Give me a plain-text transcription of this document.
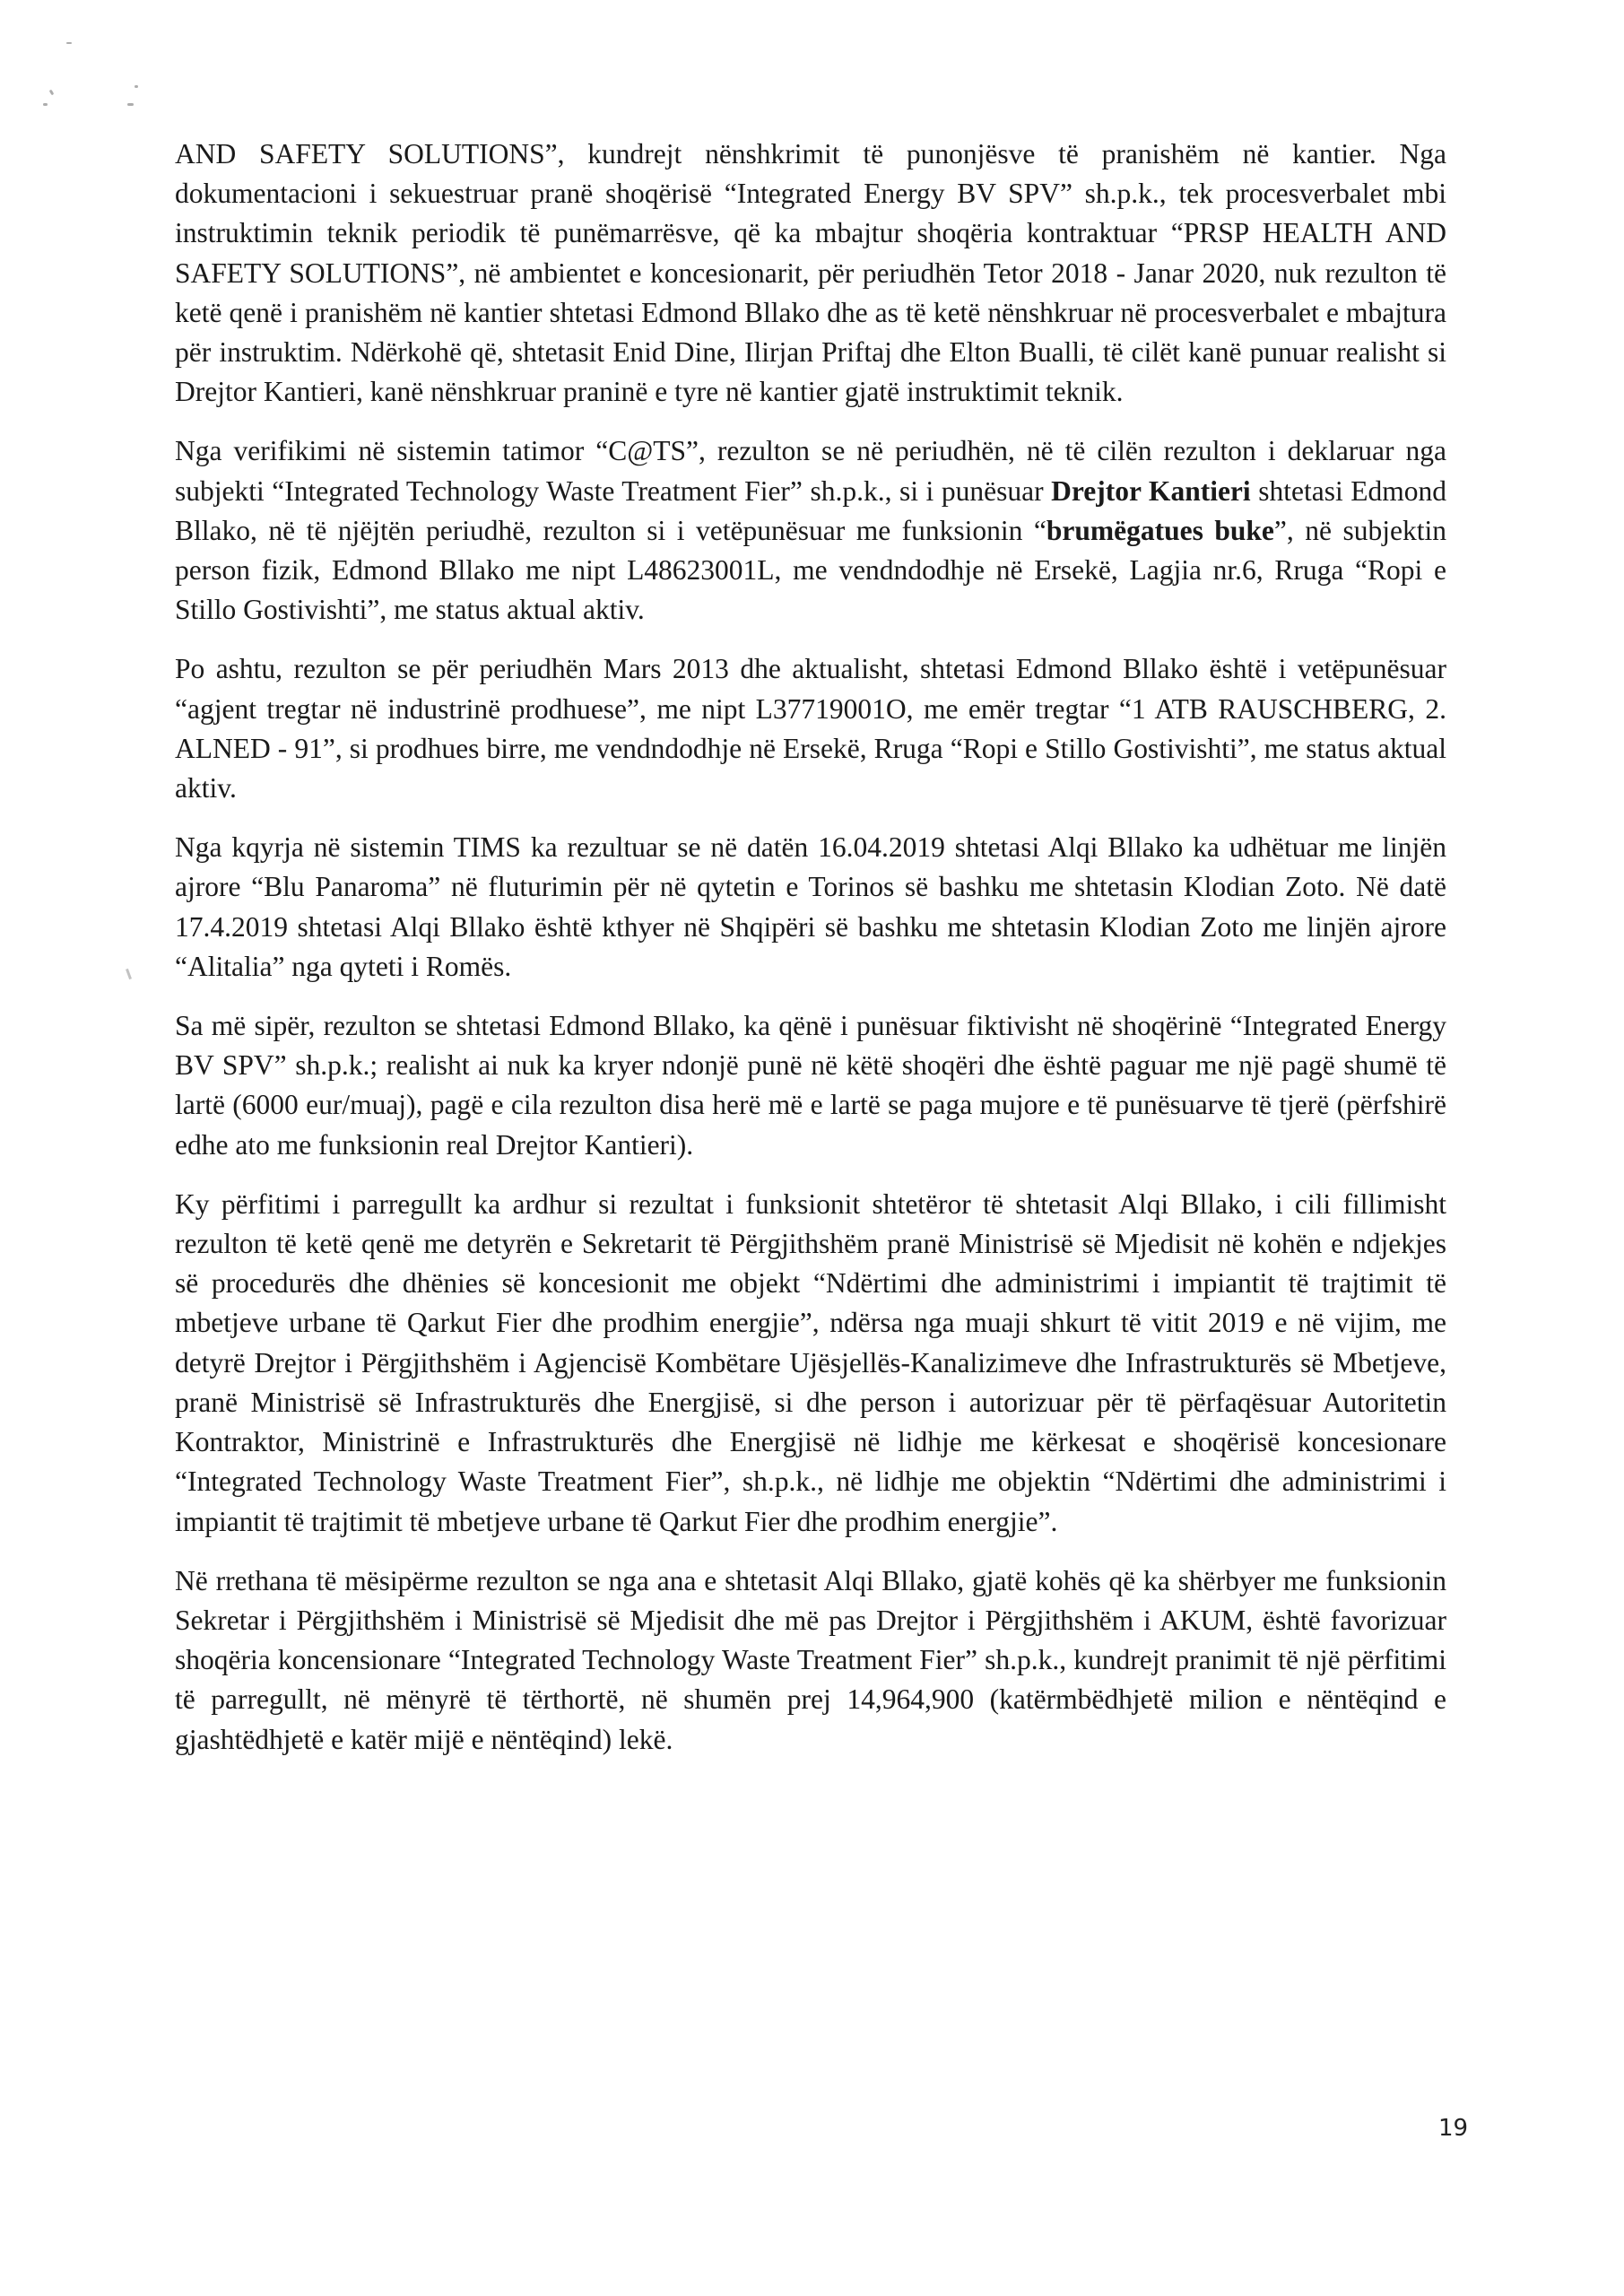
AND SAFETY SOLUTIONS”, kundrejt nënshkrimit të punonjësve të pranishëm në kantier. Nga dokumentacioni i sekuestruar pranë shoqërisë “Integrated Energy BV SPV” sh.p.k., tek procesverbalet mbi instruktimin teknik periodik të punëmarrësve, që ka mbajtur shoqëria kontraktuar “PRSP HEALTH AND SAFETY SOLUTIONS”, në ambientet e koncesionarit, për periudhën Tetor 2018 - Janar 2020, nuk rezulton të ketë qenë i pranishëm në kantier shtetasi Edmond Bllako dhe as të ketë nënshkruar në procesverbalet e mbajtura për instruktim. Ndërkohë që, shtetasit Enid Dine, Ilirjan Priftaj dhe Elton Bualli, të cilët kanë punuar realisht si Drejtor Kantieri, kanë nënshkruar praninë e tyre në kantier gjatë instruktimit teknik.

Nga verifikimi në sistemin tatimor “C@TS”, rezulton se në periudhën, në të cilën rezulton i deklaruar nga subjekti “Integrated Technology Waste Treatment Fier” sh.p.k., si i punësuar Drejtor Kantieri shtetasi Edmond Bllako, në të njëjtën periudhë, rezulton si i vetëpunësuar me funksionin “brumëgatues buke”, në subjektin person fizik, Edmond Bllako me nipt L48623001L, me vendndodhje në Ersekë, Lagjia nr.6, Rruga “Ropi e Stillo Gostivishti”, me status aktual aktiv.

Po ashtu, rezulton se për periudhën Mars 2013 dhe aktualisht, shtetasi Edmond Bllako është i vetëpunësuar “agjent tregtar në industrinë prodhuese”, me nipt L37719001O, me emër tregtar “1 ATB RAUSCHBERG, 2. ALNED - 91”, si prodhues birre, me vendndodhje në Ersekë, Rruga “Ropi e Stillo Gostivishti”, me status aktual aktiv.

Nga kqyrja në sistemin TIMS ka rezultuar se në datën 16.04.2019 shtetasi Alqi Bllako ka udhëtuar me linjën ajrore “Blu Panaroma” në fluturimin për në qytetin e Torinos së bashku me shtetasin Klodian Zoto. Në datë 17.4.2019 shtetasi Alqi Bllako është kthyer në Shqipëri së bashku me shtetasin Klodian Zoto me linjën ajrore “Alitalia” nga qyteti i Romës.

Sa më sipër, rezulton se shtetasi Edmond Bllako, ka qënë i punësuar fiktivisht në shoqërinë “Integrated Energy BV SPV” sh.p.k.; realisht ai nuk ka kryer ndonjë punë në këtë shoqëri dhe është paguar me një pagë shumë të lartë (6000 eur/muaj), pagë e cila rezulton disa herë më e lartë se paga mujore e të punësuarve të tjerë (përfshirë edhe ato me funksionin real Drejtor Kantieri).

Ky përfitimi i parregullt ka ardhur si rezultat i funksionit shtetëror të shtetasit Alqi Bllako, i cili fillimisht rezulton të ketë qenë me detyrën e Sekretarit të Përgjithshëm pranë Ministrisë së Mjedisit në kohën e ndjekjes së procedurës dhe dhënies së koncesionit me objekt “Ndërtimi dhe administrimi i impiantit të trajtimit të mbetjeve urbane të Qarkut Fier dhe prodhim energjie”, ndërsa nga muaji shkurt të vitit 2019 e në vijim, me detyrë Drejtor i Përgjithshëm i Agjencisë Kombëtare Ujësjellës-Kanalizimeve dhe Infrastrukturës së Mbetjeve, pranë Ministrisë së Infrastrukturës dhe Energjisë, si dhe person i autorizuar për të përfaqësuar Autoritetin Kontraktor, Ministrinë e Infrastrukturës dhe Energjisë në lidhje me kërkesat e shoqërisë koncesionare “Integrated Technology Waste Treatment Fier”, sh.p.k., në lidhje me objektin “Ndërtimi dhe administrimi i impiantit të trajtimit të mbetjeve urbane të Qarkut Fier dhe prodhim energjie”.

Në rrethana të mësipërme rezulton se nga ana e shtetasit Alqi Bllako, gjatë kohës që ka shërbyer me funksionin Sekretar i Përgjithshëm i Ministrisë së Mjedisit dhe më pas Drejtor i Përgjithshëm i AKUM, është favorizuar shoqëria koncensionare “Integrated Technology Waste Treatment Fier” sh.p.k., kundrejt pranimit të një përfitimi të parregullt, në mënyrë të tërthortë, në shumën prej 14,964,900 (katërmbëdhjetë milion e nëntëqind e gjashtëdhjetë e katër mijë e nëntëqind) lekë.

19
